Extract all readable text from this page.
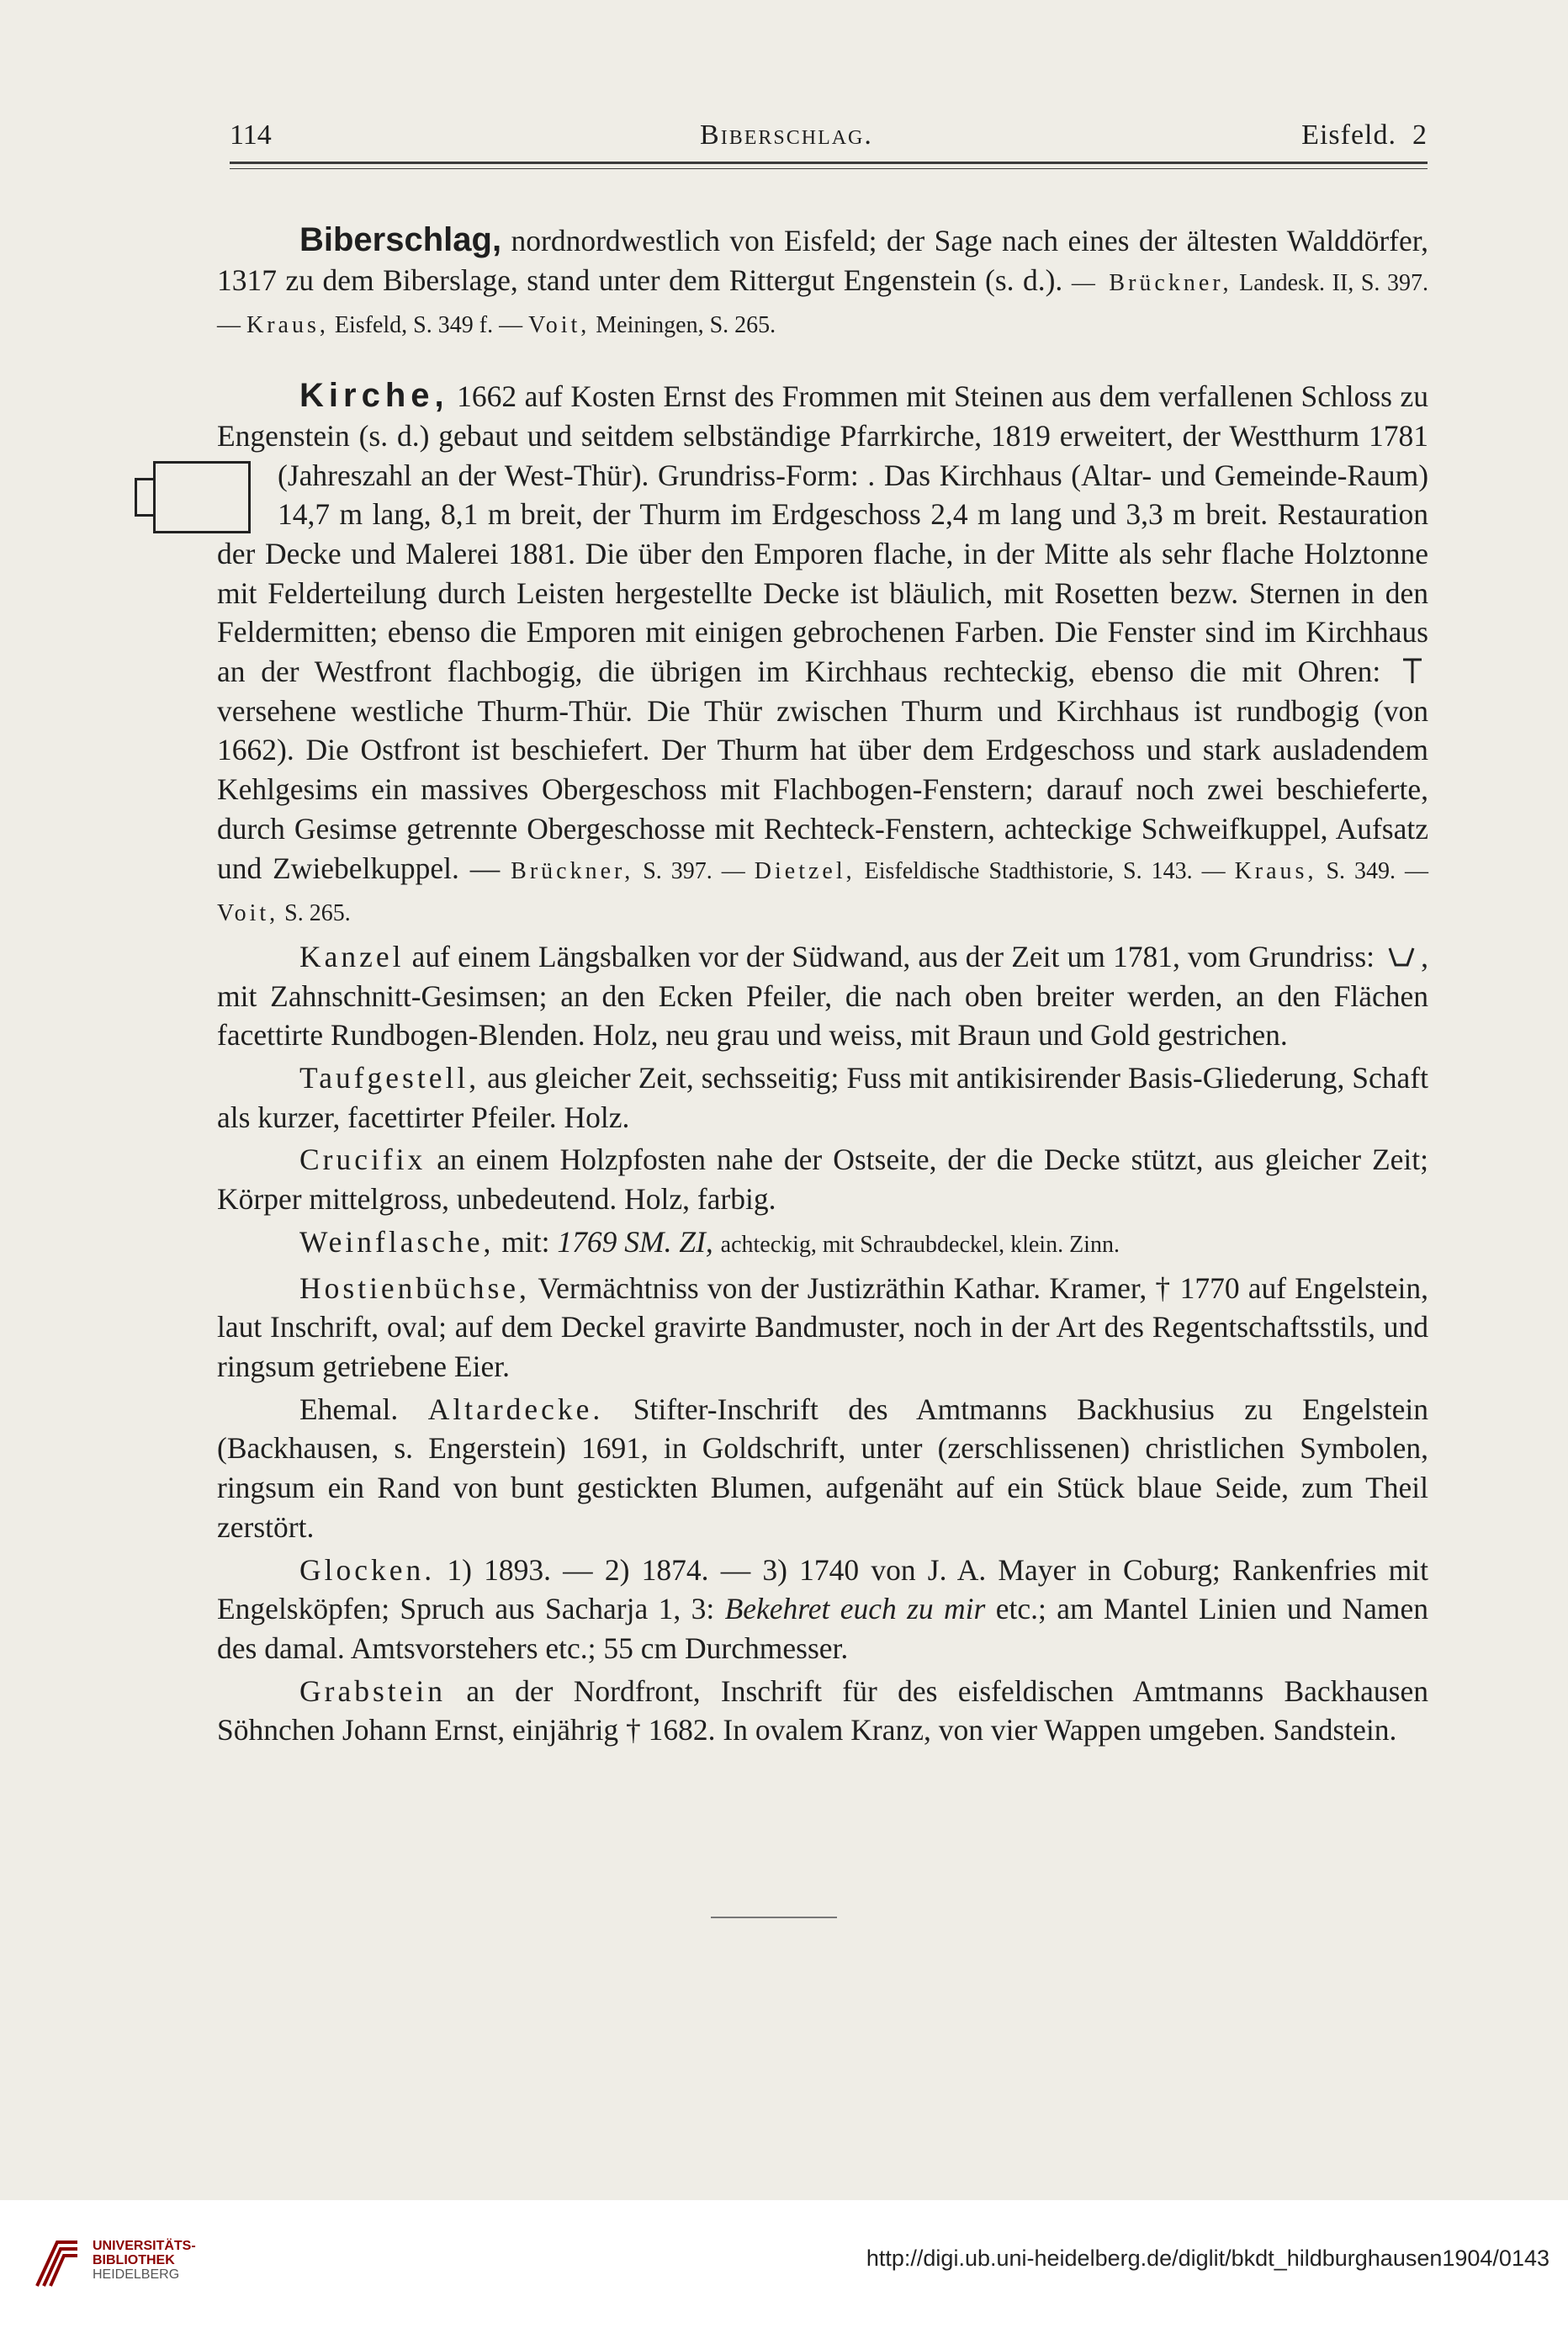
114	Biberschlag.	Eisfeld. 2

Biberschlag, nordnordwestlich von Eisfeld; der Sage nach eines der ältesten Walddörfer, 1317 zu dem Biberslage, stand unter dem Rittergut Engenstein (s. d.). — Brückner, Landesk. II, S. 397. — Kraus, Eisfeld, S. 349 f. — Voit, Meiningen, S. 265.

Kirche, 1662 auf Kosten Ernst des Frommen mit Steinen aus dem verfallenen Schloss zu Engenstein (s. d.) gebaut und seitdem selbständige Pfarrkirche, 1819 erweitert, der Westthurm 1781 (Jahreszahl an der West-Thür). Grundriss-Form: . Das Kirchhaus (Altar- und Gemeinde-Raum) 14,7 m lang, 8,1 m breit, der Thurm im Erdgeschoss 2,4 m lang und 3,3 m breit. Restauration der Decke und Malerei 1881. Die über den Emporen flache, in der Mitte als sehr flache Holztonne mit Felderteilung durch Leisten hergestellte Decke ist bläulich, mit Rosetten bezw. Sternen in den Feldermitten; ebenso die Emporen mit einigen gebrochenen Farben. Die Fenster sind im Kirchhaus an der Westfront flachbogig, die übrigen im Kirchhaus rechteckig, ebenso die mit Ohren:  versehene westliche Thurm-Thür. Die Thür zwischen Thurm und Kirchhaus ist rundbogig (von 1662). Die Ostfront ist beschiefert. Der Thurm hat über dem Erdgeschoss und stark ausladendem Kehlgesims ein massives Obergeschoss mit Flachbogen-Fenstern; darauf noch zwei beschieferte, durch Gesimse getrennte Obergeschosse mit Rechteck-Fenstern, achteckige Schweifkuppel, Aufsatz und Zwiebelkuppel. — Brückner, S. 397. — Dietzel, Eisfeldische Stadthistorie, S. 143. — Kraus, S. 349. — Voit, S. 265.

Kanzel auf einem Längsbalken vor der Südwand, aus der Zeit um 1781, vom Grundriss: , mit Zahnschnitt-Gesimsen; an den Ecken Pfeiler, die nach oben breiter werden, an den Flächen facettirte Rundbogen-Blenden. Holz, neu grau und weiss, mit Braun und Gold gestrichen.

Taufgestell, aus gleicher Zeit, sechsseitig; Fuss mit antikisirender Basis-Gliederung, Schaft als kurzer, facettirter Pfeiler. Holz.

Crucifix an einem Holzpfosten nahe der Ostseite, der die Decke stützt, aus gleicher Zeit; Körper mittelgross, unbedeutend. Holz, farbig.

Weinflasche, mit: 1769 SM. ZI, achteckig, mit Schraubdeckel, klein. Zinn.

Hostienbüchse, Vermächtniss von der Justizräthin Kathar. Kramer, † 1770 auf Engelstein, laut Inschrift, oval; auf dem Deckel gravirte Bandmuster, noch in der Art des Regentschaftsstils, und ringsum getriebene Eier.

Ehemal. Altardecke. Stifter-Inschrift des Amtmanns Backhusius zu Engelstein (Backhausen, s. Engerstein) 1691, in Goldschrift, unter (zerschlissenen) christlichen Symbolen, ringsum ein Rand von bunt gestickten Blumen, aufgenäht auf ein Stück blaue Seide, zum Theil zerstört.

Glocken. 1) 1893. — 2) 1874. — 3) 1740 von J. A. Mayer in Coburg; Rankenfries mit Engelsköpfen; Spruch aus Sacharja 1, 3: Bekehret euch zu mir etc.; am Mantel Linien und Namen des damal. Amtsvorstehers etc.; 55 cm Durchmesser.

Grabstein an der Nordfront, Inschrift für des eisfeldischen Amtmanns Backhausen Söhnchen Johann Ernst, einjährig † 1682. In ovalem Kranz, von vier Wappen umgeben. Sandstein.

UNIVERSITÄTS-
BIBLIOTHEK
HEIDELBERG
http://digi.ub.uni-heidelberg.de/diglit/bkdt_hildburghausen1904/0143
